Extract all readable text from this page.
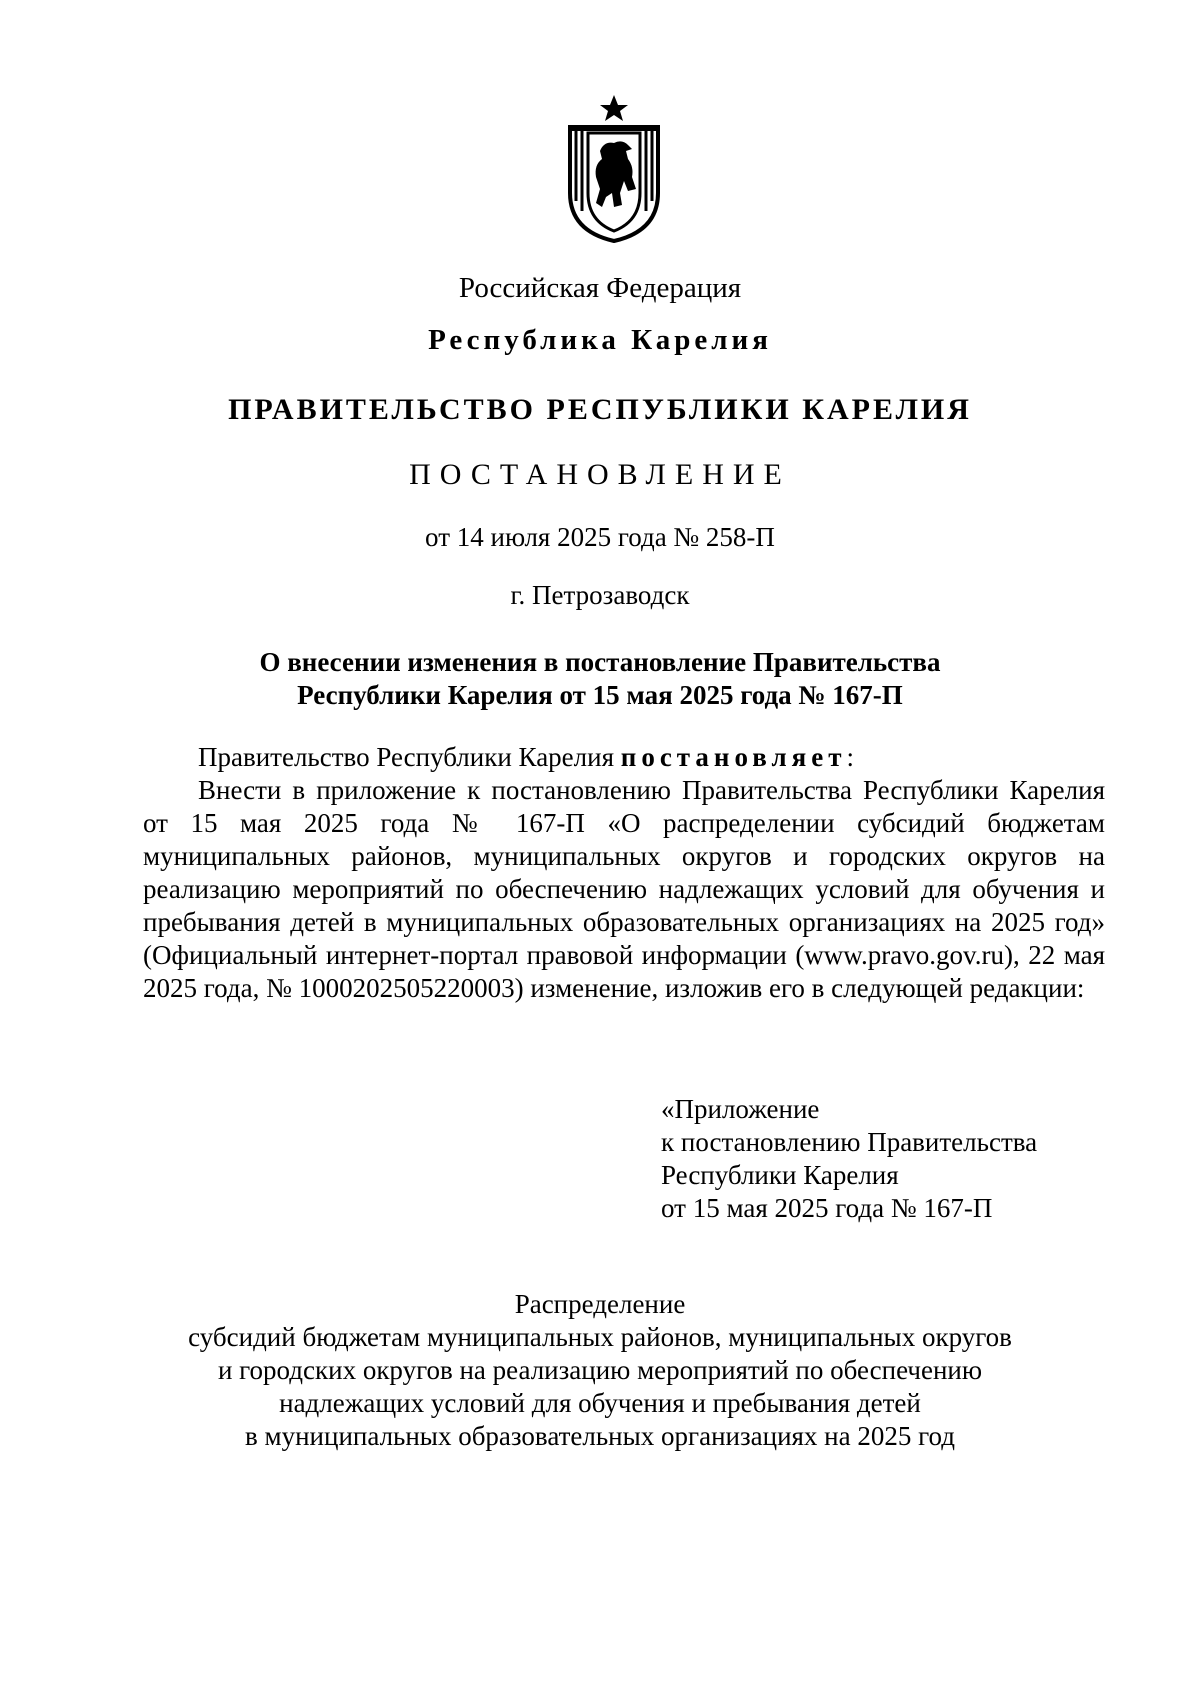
Российская Федерация
Республика Карелия
ПРАВИТЕЛЬСТВО РЕСПУБЛИКИ КАРЕЛИЯ
ПОСТАНОВЛЕНИЕ
от 14 июля 2025 года № 258-П
г. Петрозаводск
О внесении изменения в постановление Правительства
Республики Карелия от 15 мая 2025 года № 167-П

Правительство Республики Карелия постановляет:

Внести в приложение к постановлению Правительства Республики Карелия от 15 мая 2025 года № 167-П «О распределении субсидий бюджетам муниципальных районов, муниципальных округов и городских округов на реализацию мероприятий по обеспечению надлежащих условий для обучения и пребывания детей в муниципальных образовательных организациях на 2025 год» (Официальный интернет-портал правовой информации (www.pravo.gov.ru), 22 мая 2025 года, № 1000202505220003) изменение, изложив его в следующей редакции:

«Приложение
к постановлению Правительства
Республики Карелия
от 15 мая 2025 года № 167-П
Распределение
субсидий бюджетам муниципальных районов, муниципальных округов
и городских округов на реализацию мероприятий по обеспечению
надлежащих условий для обучения и пребывания детей
в муниципальных образовательных организациях на 2025 год
